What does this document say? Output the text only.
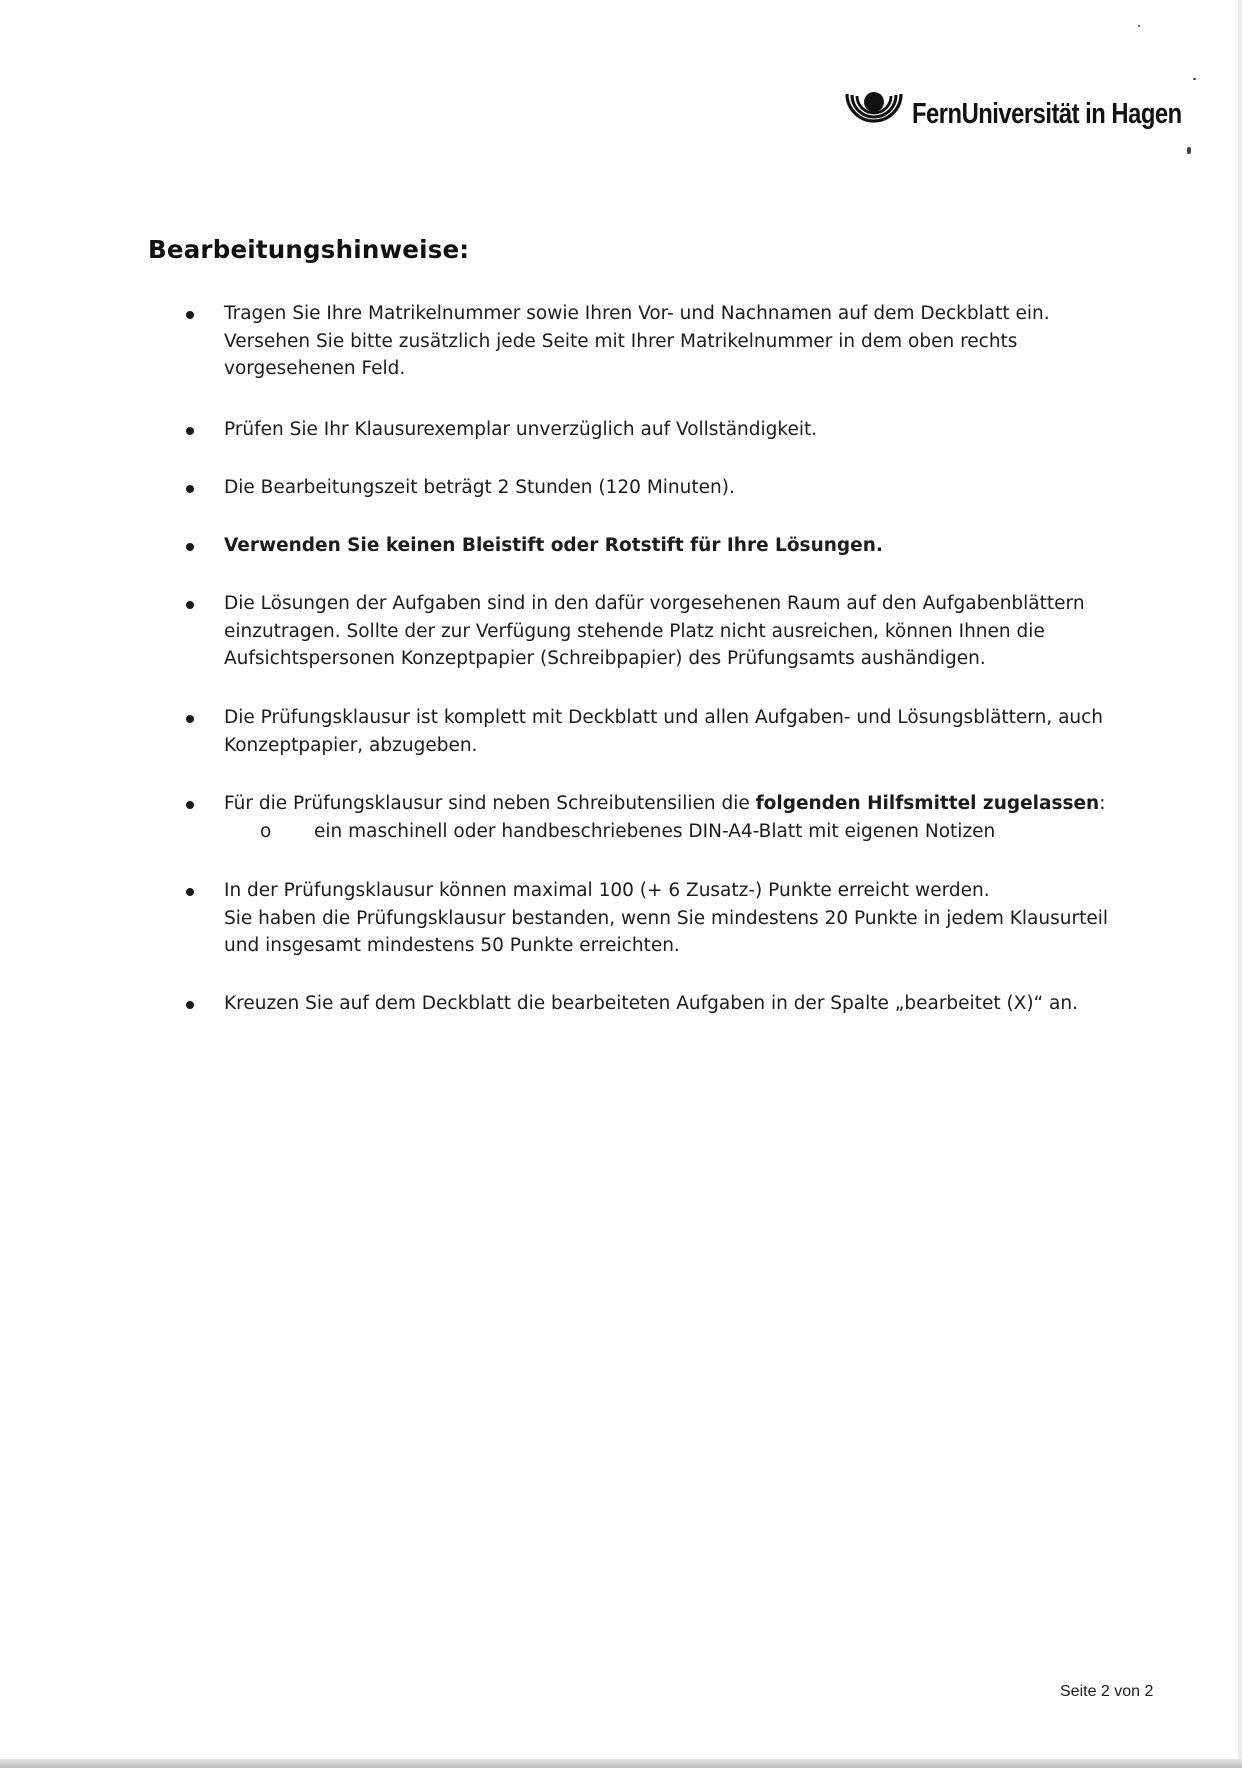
FernUniversität in Hagen
Bearbeitungshinweise:
Tragen Sie Ihre Matrikelnummer sowie Ihren Vor- und Nachnamen auf dem Deckblatt ein.
Versehen Sie bitte zusätzlich jede Seite mit Ihrer Matrikelnummer in dem oben rechts
vorgesehenen Feld.
Prüfen Sie Ihr Klausurexemplar unverzüglich auf Vollständigkeit.
Die Bearbeitungszeit beträgt 2 Stunden (120 Minuten).
Verwenden Sie keinen Bleistift oder Rotstift für Ihre Lösungen.
Die Lösungen der Aufgaben sind in den dafür vorgesehenen Raum auf den Aufgabenblättern
einzutragen. Sollte der zur Verfügung stehende Platz nicht ausreichen, können Ihnen die
Aufsichtspersonen Konzeptpapier (Schreibpapier) des Prüfungsamts aushändigen.
Die Prüfungsklausur ist komplett mit Deckblatt und allen Aufgaben- und Lösungsblättern, auch
Konzeptpapier, abzugeben.
Für die Prüfungsklausur sind neben Schreibutensilien die folgenden Hilfsmittel zugelassen:
o ein maschinell oder handbeschriebenes DIN-A4-Blatt mit eigenen Notizen
In der Prüfungsklausur können maximal 100 (+ 6 Zusatz-) Punkte erreicht werden.
Sie haben die Prüfungsklausur bestanden, wenn Sie mindestens 20 Punkte in jedem Klausurteil
und insgesamt mindestens 50 Punkte erreichten.
Kreuzen Sie auf dem Deckblatt die bearbeiteten Aufgaben in der Spalte „bearbeitet (X)“ an.
Seite 2 von 2
